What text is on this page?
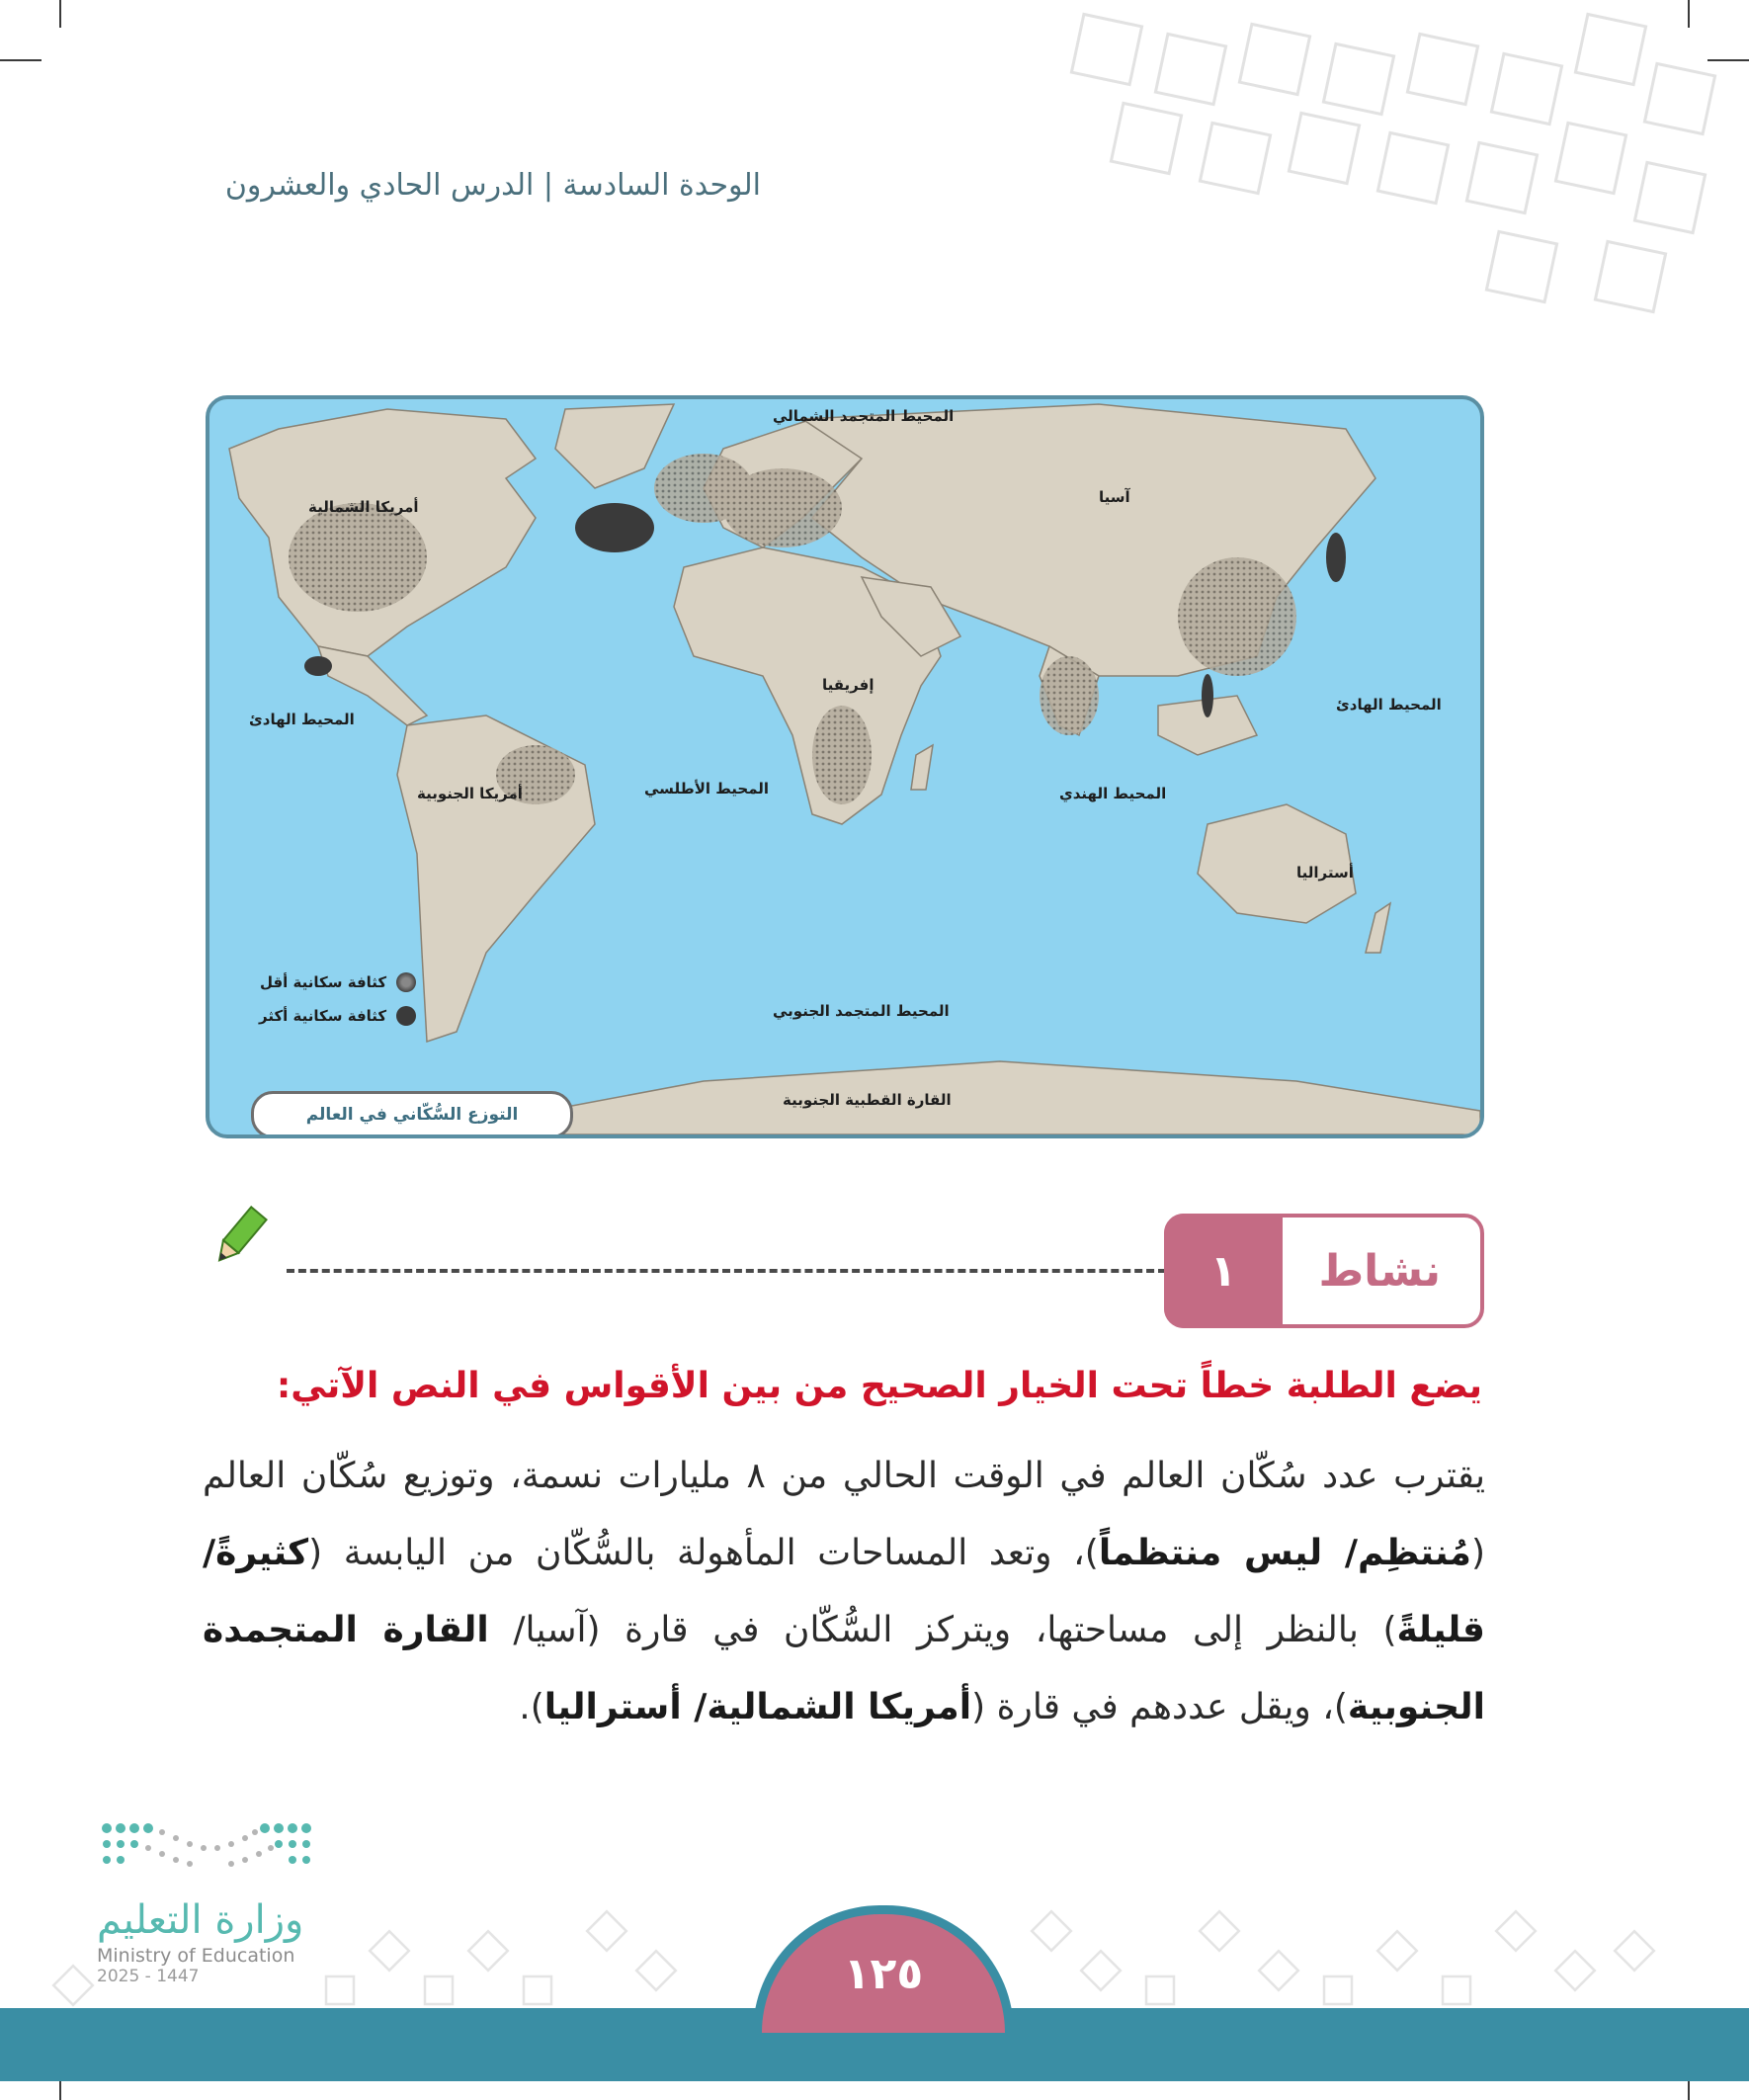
الوحدة السادسة | الدرس الحادي والعشرون
المحيط المتجمد الشمالي
أمريكا الشمالية
آسيا
إفريقيا
المحيط الهادئ
المحيط الهادئ
أمريكا الجنوبية	المحيط الأطلسي	المحيط الهندي
أستراليا
المحيط المتجمد الجنوبي
القارة القطبية الجنوبية
كثافة سكانية أقل
كثافة سكانية أكثر
التوزع السُّكّاني في العالم
١	نشاط
يضع الطلبة خطاً تحت الخيار الصحيح من بين الأقواس في النص الآتي:
يقترب عدد سُكّان العالم في الوقت الحالي من ٨ مليارات نسمة، وتوزيع سُكّان العالم (مُنتظِم/ ليس منتظماً)، وتعد المساحات المأهولة بالسُّكّان من اليابسة (كثيرةً/ قليلةً) بالنظر إلى مساحتها، ويتركز السُّكّان في قارة (آسيا/ القارة المتجمدة الجنوبية)، ويقل عددهم في قارة (أمريكا الشمالية/ أستراليا).
وزارة التعليم
Ministry of Education
2025 - 1447	١٢٥
